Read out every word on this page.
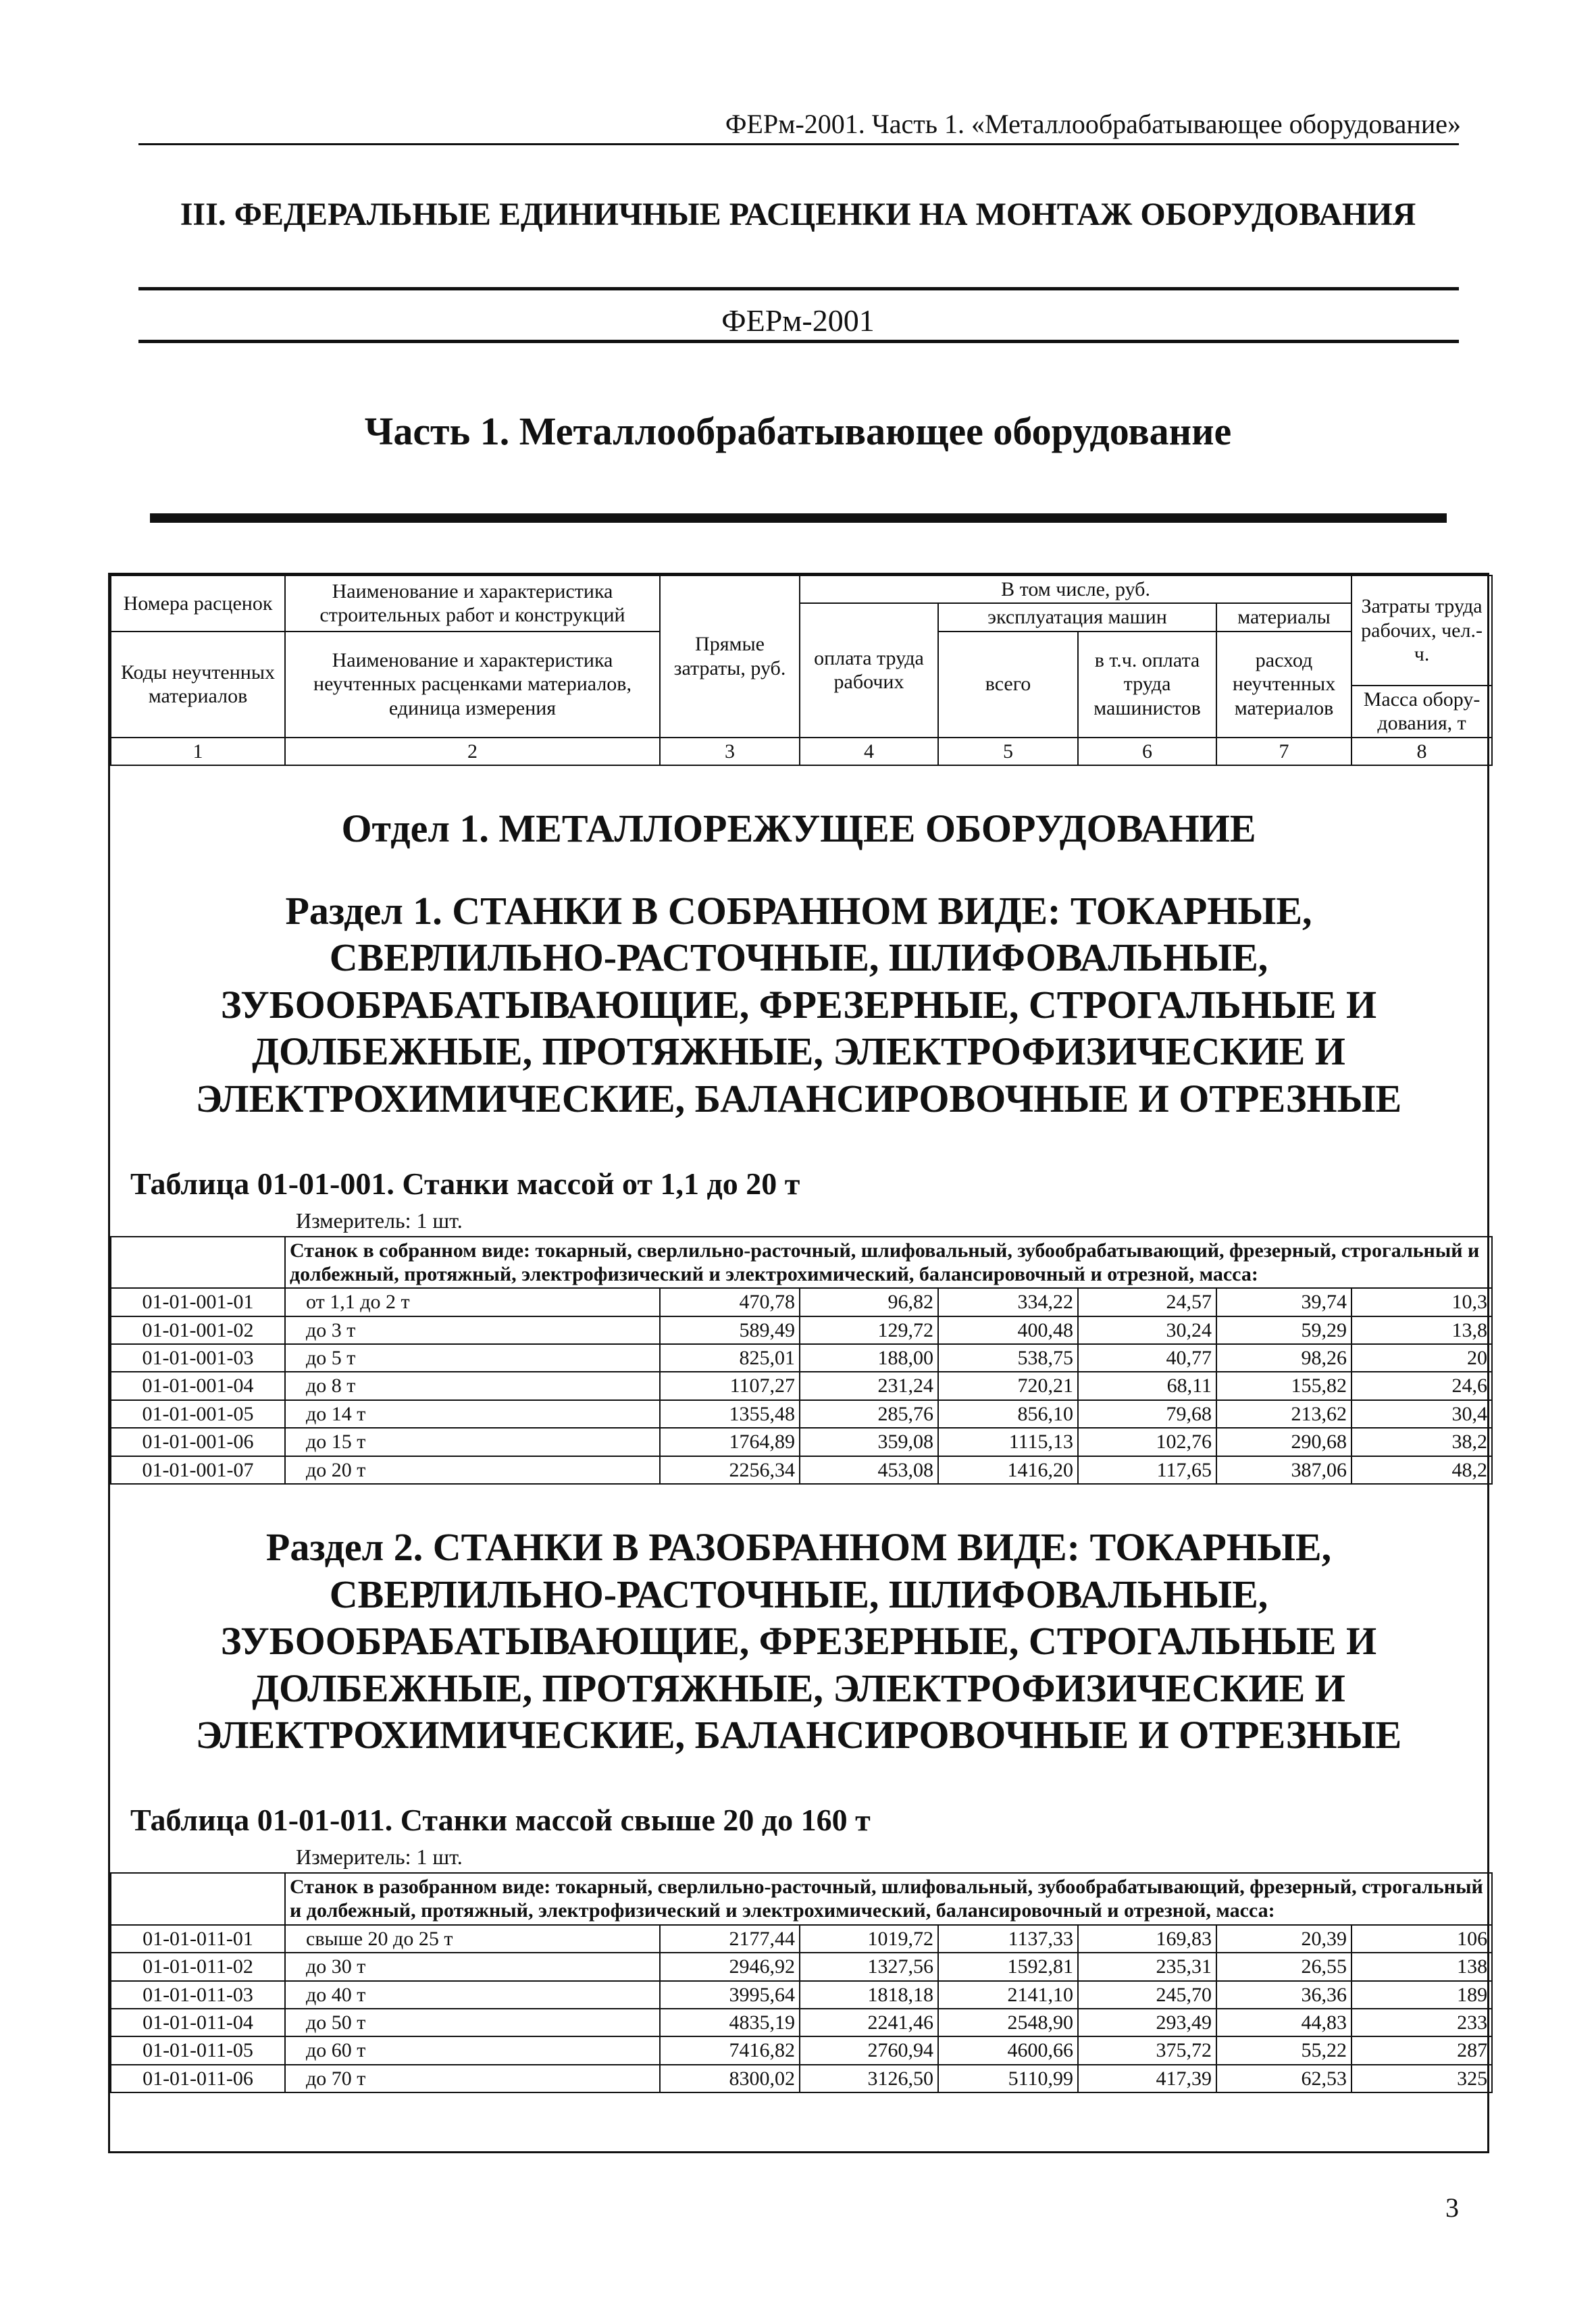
ФЕРм-2001. Часть 1. «Металлообрабатывающее оборудование»
III. ФЕДЕРАЛЬНЫЕ ЕДИНИЧНЫЕ РАСЦЕНКИ НА МОНТАЖ ОБОРУДОВАНИЯ
ФЕРм-2001
Часть 1. Металлообрабатывающее оборудование
Номера расценок	Наименование и характеристика строительных работ и конструкций	Прямые затраты, руб.	В том числе, руб.				Затраты труда рабочих, чел.-ч.
			оплата труда рабочих	эксплуатация машин		материалы	
Коды неучтенных материалов	Наименование и характеристика неучтенных расценками материалов, единица измерения			всего	в т.ч. оплата труда машинистов	расход неучтенных материалов	
							Масса обору-дования, т
1	2	3	4	5	6	7	8
Отдел 1. МЕТАЛЛОРЕЖУЩЕЕ ОБОРУДОВАНИЕ
Раздел 1. СТАНКИ В СОБРАННОМ ВИДЕ: ТОКАРНЫЕ, СВЕРЛИЛЬНО-РАСТОЧНЫЕ, ШЛИФОВАЛЬНЫЕ, ЗУБООБРАБАТЫВАЮЩИЕ, ФРЕЗЕРНЫЕ, СТРОГАЛЬНЫЕ И ДОЛБЕЖНЫЕ, ПРОТЯЖНЫЕ, ЭЛЕКТРОФИЗИЧЕСКИЕ И ЭЛЕКТРОХИМИЧЕСКИЕ, БАЛАНСИРОВОЧНЫЕ И ОТРЕЗНЫЕ
Таблица 01-01-001. Станки массой от 1,1 до 20 т
Измеритель: 1 шт.
	Станок в собранном виде: токарный, сверлильно-расточный, шлифовальный, зубообрабатывающий, фрезерный, строгальный и долбежный, протяжный, электрофизический и электрохимический, балансировочный и отрезной, масса:						
01-01-001-01	от 1,1 до 2 т	470,78	96,82	334,22	24,57	39,74	10,3
01-01-001-02	до 3 т	589,49	129,72	400,48	30,24	59,29	13,8
01-01-001-03	до 5 т	825,01	188,00	538,75	40,77	98,26	20
01-01-001-04	до 8 т	1107,27	231,24	720,21	68,11	155,82	24,6
01-01-001-05	до 14 т	1355,48	285,76	856,10	79,68	213,62	30,4
01-01-001-06	до 15 т	1764,89	359,08	1115,13	102,76	290,68	38,2
01-01-001-07	до 20 т	2256,34	453,08	1416,20	117,65	387,06	48,2
Раздел 2. СТАНКИ В РАЗОБРАННОМ ВИДЕ: ТОКАРНЫЕ, СВЕРЛИЛЬНО-РАСТОЧНЫЕ, ШЛИФОВАЛЬНЫЕ, ЗУБООБРАБАТЫВАЮЩИЕ, ФРЕЗЕРНЫЕ, СТРОГАЛЬНЫЕ И ДОЛБЕЖНЫЕ, ПРОТЯЖНЫЕ, ЭЛЕКТРОФИЗИЧЕСКИЕ И ЭЛЕКТРОХИМИЧЕСКИЕ, БАЛАНСИРОВОЧНЫЕ И ОТРЕЗНЫЕ
Таблица 01-01-011. Станки массой свыше 20 до 160 т
Измеритель: 1 шт.
	Станок в разобранном виде: токарный, сверлильно-расточный, шлифовальный, зубообрабатывающий, фрезерный, строгальный и долбежный, протяжный, электрофизический и электрохимический, балансировочный и отрезной, масса:						
01-01-011-01	свыше 20 до 25 т	2177,44	1019,72	1137,33	169,83	20,39	106
01-01-011-02	до 30 т	2946,92	1327,56	1592,81	235,31	26,55	138
01-01-011-03	до 40 т	3995,64	1818,18	2141,10	245,70	36,36	189
01-01-011-04	до 50 т	4835,19	2241,46	2548,90	293,49	44,83	233
01-01-011-05	до 60 т	7416,82	2760,94	4600,66	375,72	55,22	287
01-01-011-06	до 70 т	8300,02	3126,50	5110,99	417,39	62,53	325
3
